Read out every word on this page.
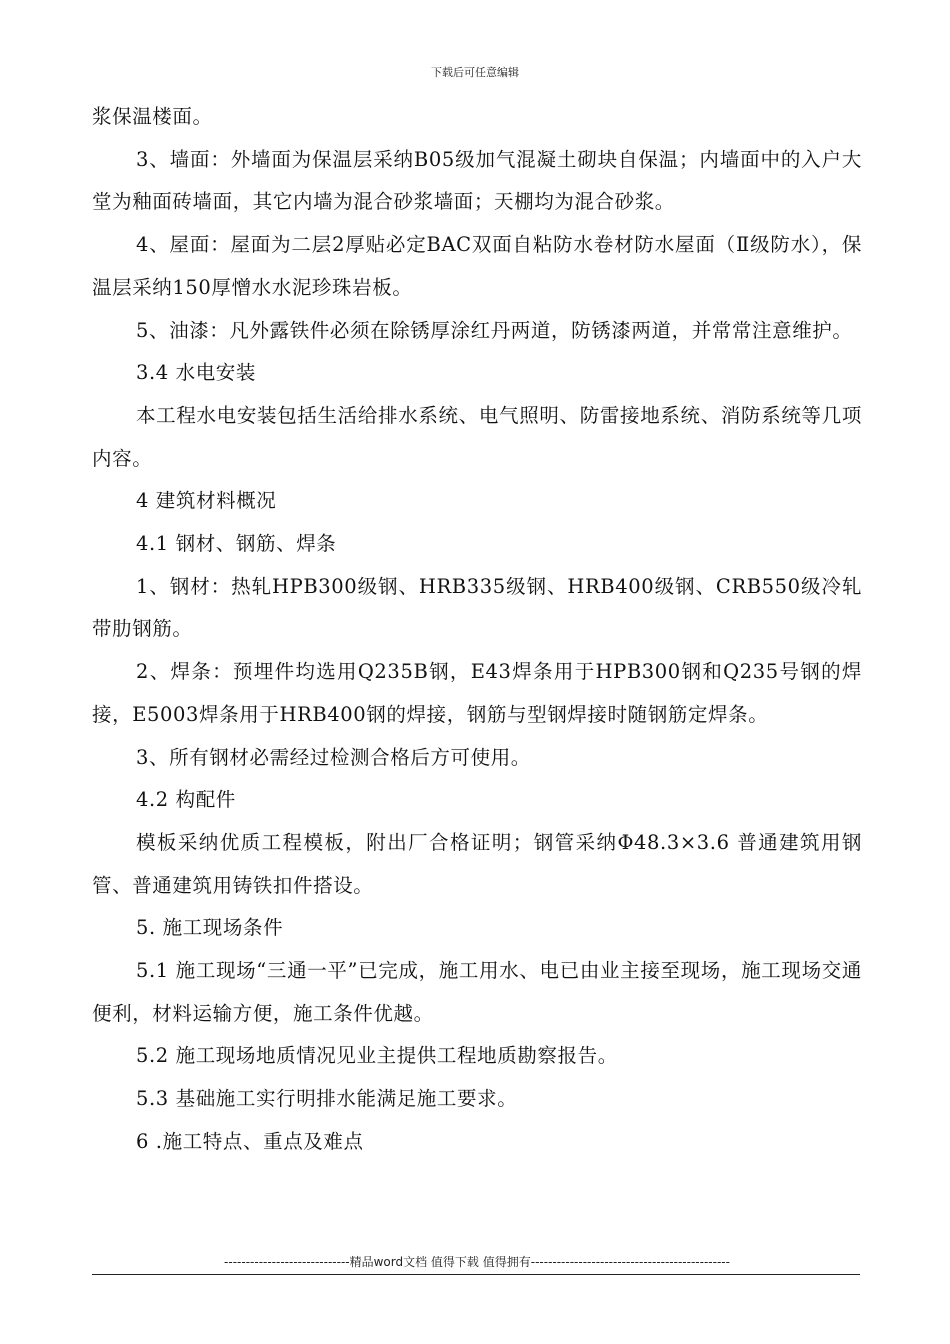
下载后可任意编辑

浆保温楼面。

3、墙面：外墙面为保温层采纳B05级加气混凝土砌块自保温；内墙面中的入户大堂为釉面砖墙面，其它内墙为混合砂浆墙面；天棚均为混合砂浆。

4、屋面：屋面为二层2厚贴必定BAC双面自粘防水卷材防水屋面（Ⅱ级防水），保温层采纳150厚憎水水泥珍珠岩板。

5、油漆：凡外露铁件必须在除锈厚涂红丹两道，防锈漆两道，并常常注意维护。

3.4 水电安装

本工程水电安装包括生活给排水系统、电气照明、防雷接地系统、消防系统等几项内容。

4 建筑材料概况

4.1 钢材、钢筋、焊条

1、钢材：热轧HPB300级钢、HRB335级钢、HRB400级钢、CRB550级冷轧带肋钢筋。

2、焊条：预埋件均选用Q235B钢，E43焊条用于HPB300钢和Q235号钢的焊接，E5003焊条用于HRB400钢的焊接，钢筋与型钢焊接时随钢筋定焊条。

3、所有钢材必需经过检测合格后方可使用。

4.2 构配件

模板采纳优质工程模板，附出厂合格证明；钢管采纳Φ48.3×3.6 普通建筑用钢管、普通建筑用铸铁扣件搭设。

5. 施工现场条件

5.1 施工现场“三通一平”已完成，施工用水、电已由业主接至现场，施工现场交通便利，材料运输方便，施工条件优越。

5.2 施工现场地质情况见业主提供工程地质勘察报告。

5.3 基础施工实行明排水能满足施工要求。

6 .施工特点、重点及难点

-----------------------------精品word文档 值得下载 值得拥有----------------------------------------------
